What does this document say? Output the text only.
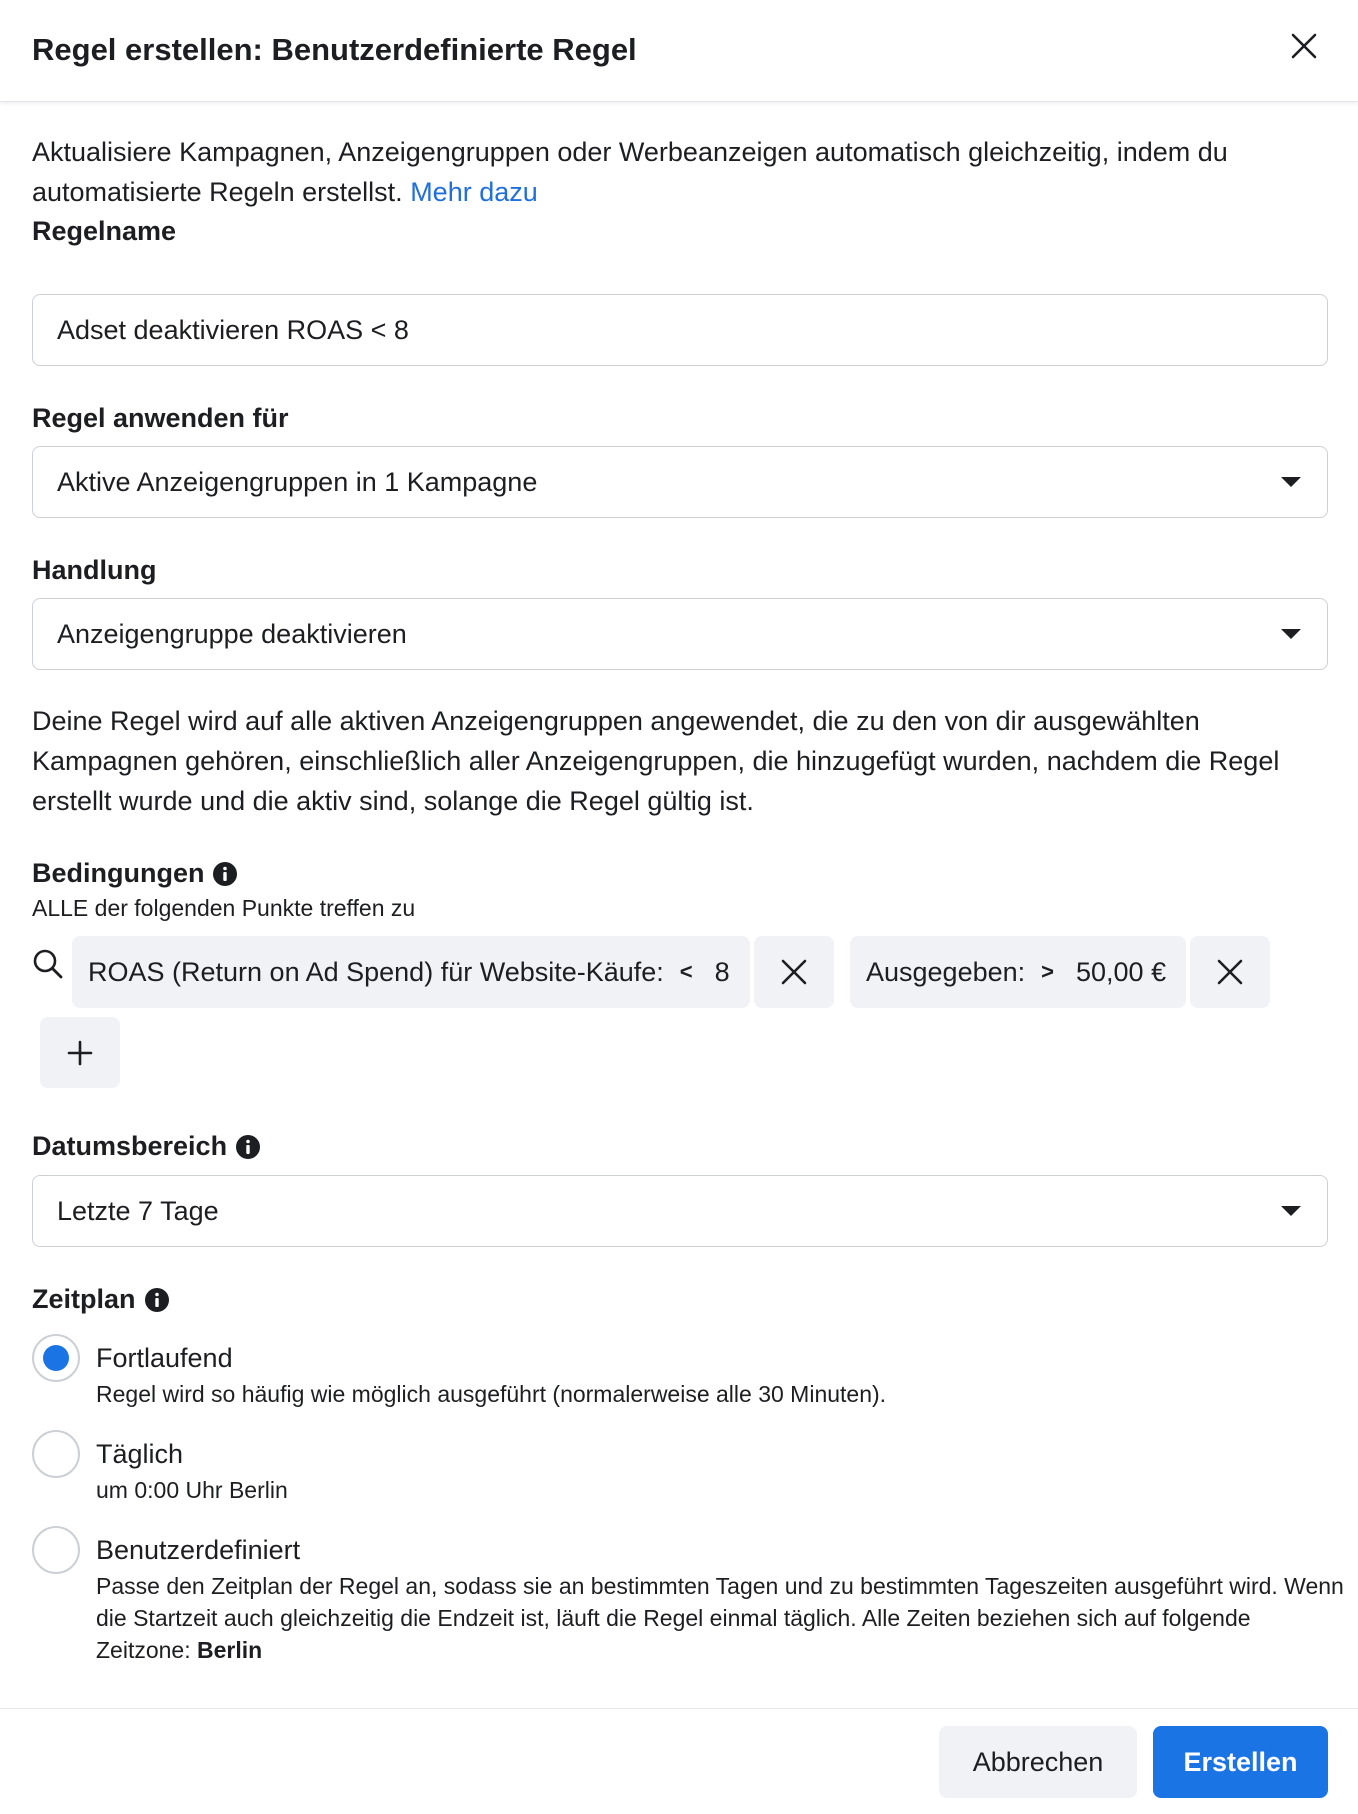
Regel erstellen: Benutzerdefinierte Regel
Aktualisiere Kampagnen, Anzeigengruppen oder Werbeanzeigen automatisch gleichzeitig, indem du automatisierte Regeln erstellst. Mehr dazu
Regelname
Adset deaktivieren ROAS < 8
Regel anwenden für
Aktive Anzeigengruppen in 1 Kampagne
Handlung
Anzeigengruppe deaktivieren
Deine Regel wird auf alle aktiven Anzeigengruppen angewendet, die zu den von dir ausgewählten Kampagnen gehören, einschließlich aller Anzeigengruppen, die hinzugefügt wurden, nachdem die Regel erstellt wurde und die aktiv sind, solange die Regel gültig ist.
Bedingungen
ALLE der folgenden Punkte treffen zu
ROAS (Return on Ad Spend) für Website-Käufe: < 8	Ausgegeben: > 50,00 €
Datumsbereich
Letzte 7 Tage
Zeitplan
Fortlaufend
Regel wird so häufig wie möglich ausgeführt (normalerweise alle 30 Minuten).
Täglich
um 0:00 Uhr Berlin
Benutzerdefiniert
Passe den Zeitplan der Regel an, sodass sie an bestimmten Tagen und zu bestimmten Tageszeiten ausgeführt wird. Wenn die Startzeit auch gleichzeitig die Endzeit ist, läuft die Regel einmal täglich. Alle Zeiten beziehen sich auf folgende Zeitzone: Berlin
Abbrechen	Erstellen
